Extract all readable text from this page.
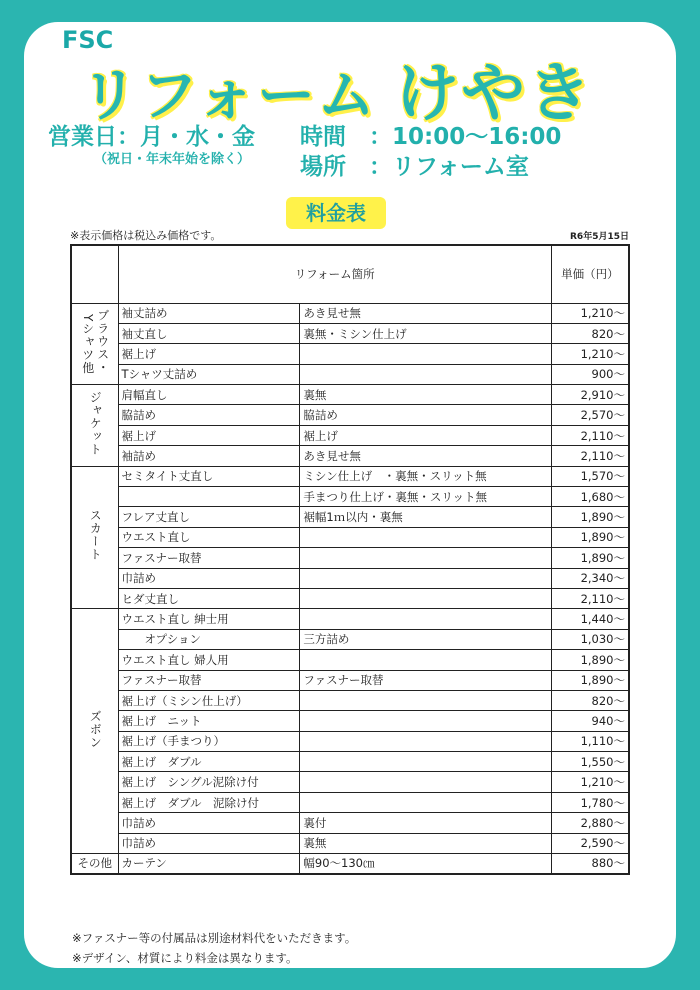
FSC
リフォーム けやき
営業日：月・水・金 時間　：10:00～16:00
（祝日・年末年始を除く） 場所　：リフォーム室
料金表
※表示価格は税込み価格です。	R6年5月15日
	リフォーム箇所		単価（円）
Yシャツ他ブラウス・	袖丈詰め	あき見せ無	1,210～
	袖丈直し	裏無・ミシン仕上げ	820～
	裾上げ		1,210～
	Tシャツ丈詰め		900～
ジャケット	肩幅直し	裏無	2,910～
	脇詰め	脇詰め	2,570～
	裾上げ	裾上げ	2,110～
	袖詰め	あき見せ無	2,110～
スカート	セミタイト丈直し	ミシン仕上げ　・裏無・スリット無	1,570～
		手まつり仕上げ・裏無・スリット無	1,680～
	フレア丈直し	裾幅1ｍ以内・裏無	1,890～
	ウエスト直し		1,890～
	ファスナー取替		1,890～
	巾詰め		2,340～
	ヒダ丈直し		2,110～
ズボン	ウエスト直し 紳士用		1,440～
	オプション	三方詰め	1,030～
	ウエスト直し 婦人用		1,890～
	ファスナー取替	ファスナー取替	1,890～
	裾上げ（ミシン仕上げ）		820～
	裾上げ　ニット		940～
	裾上げ（手まつり）		1,110～
	裾上げ　ダブル		1,550～
	裾上げ　シングル泥除け付		1,210～
	裾上げ　ダブル　泥除け付		1,780～
	巾詰め	裏付	2,880～
	巾詰め	裏無	2,590～
その他	カーテン	幅90～130㎝	880～
※ファスナー等の付属品は別途材料代をいただきます。
※デザイン、材質により料金は異なります。
